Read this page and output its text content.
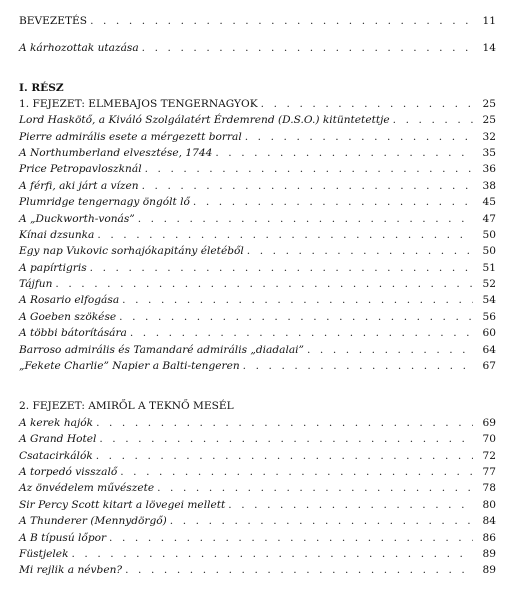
BEVEZETÉS . . .	11
A kárhozottak utazása . . .	14
I. RÉSZ
1. FEJEZET: ELMEBAJOS TENGERNAGYOK . . .	25
Lord Haskötő, a Kiváló Szolgálatért Érdemrend (D.S.O.) kitüntetettje . . .	25
Pierre admirális esete a mérgezett borral . . .	32
A Northumberland elvesztése, 1744 . . .	35
Price Petropavloszknál . . .	36
A férfi, aki járt a vízen . . .	38
Plumridge tengernagy öngólt lő . . .	45
A „Duckworth-vonás” . . .	47
Kínai dzsunka . . .	50
Egy nap Vukovic sorhajókapitány életéből . . .	50
A papírtigris . . .	51
Tájfun . . .	52
A Rosario elfogása . . .	54
A Goeben szökése . . .	56
A többi bátorítására . . .	60
Barroso admirális és Tamandaré admirális „diadalai” . . .	64
„Fekete Charlie” Napier a Balti-tengeren . . .	67
2. FEJEZET: AMIRŐL A TEKNŐ MESÉL
A kerek hajók . . .	69
A Grand Hotel . . .	70
Csatacirkálók . . .	72
A torpedó visszalő . . .	77
Az önvédelem művészete . . .	78
Sir Percy Scott kitart a lövegei mellett . . .	80
A Thunderer (Mennydörgő) . . .	84
A B típusú lőpor . . .	86
Füstjelek . . .	89
Mi rejlik a névben? . . .	89
